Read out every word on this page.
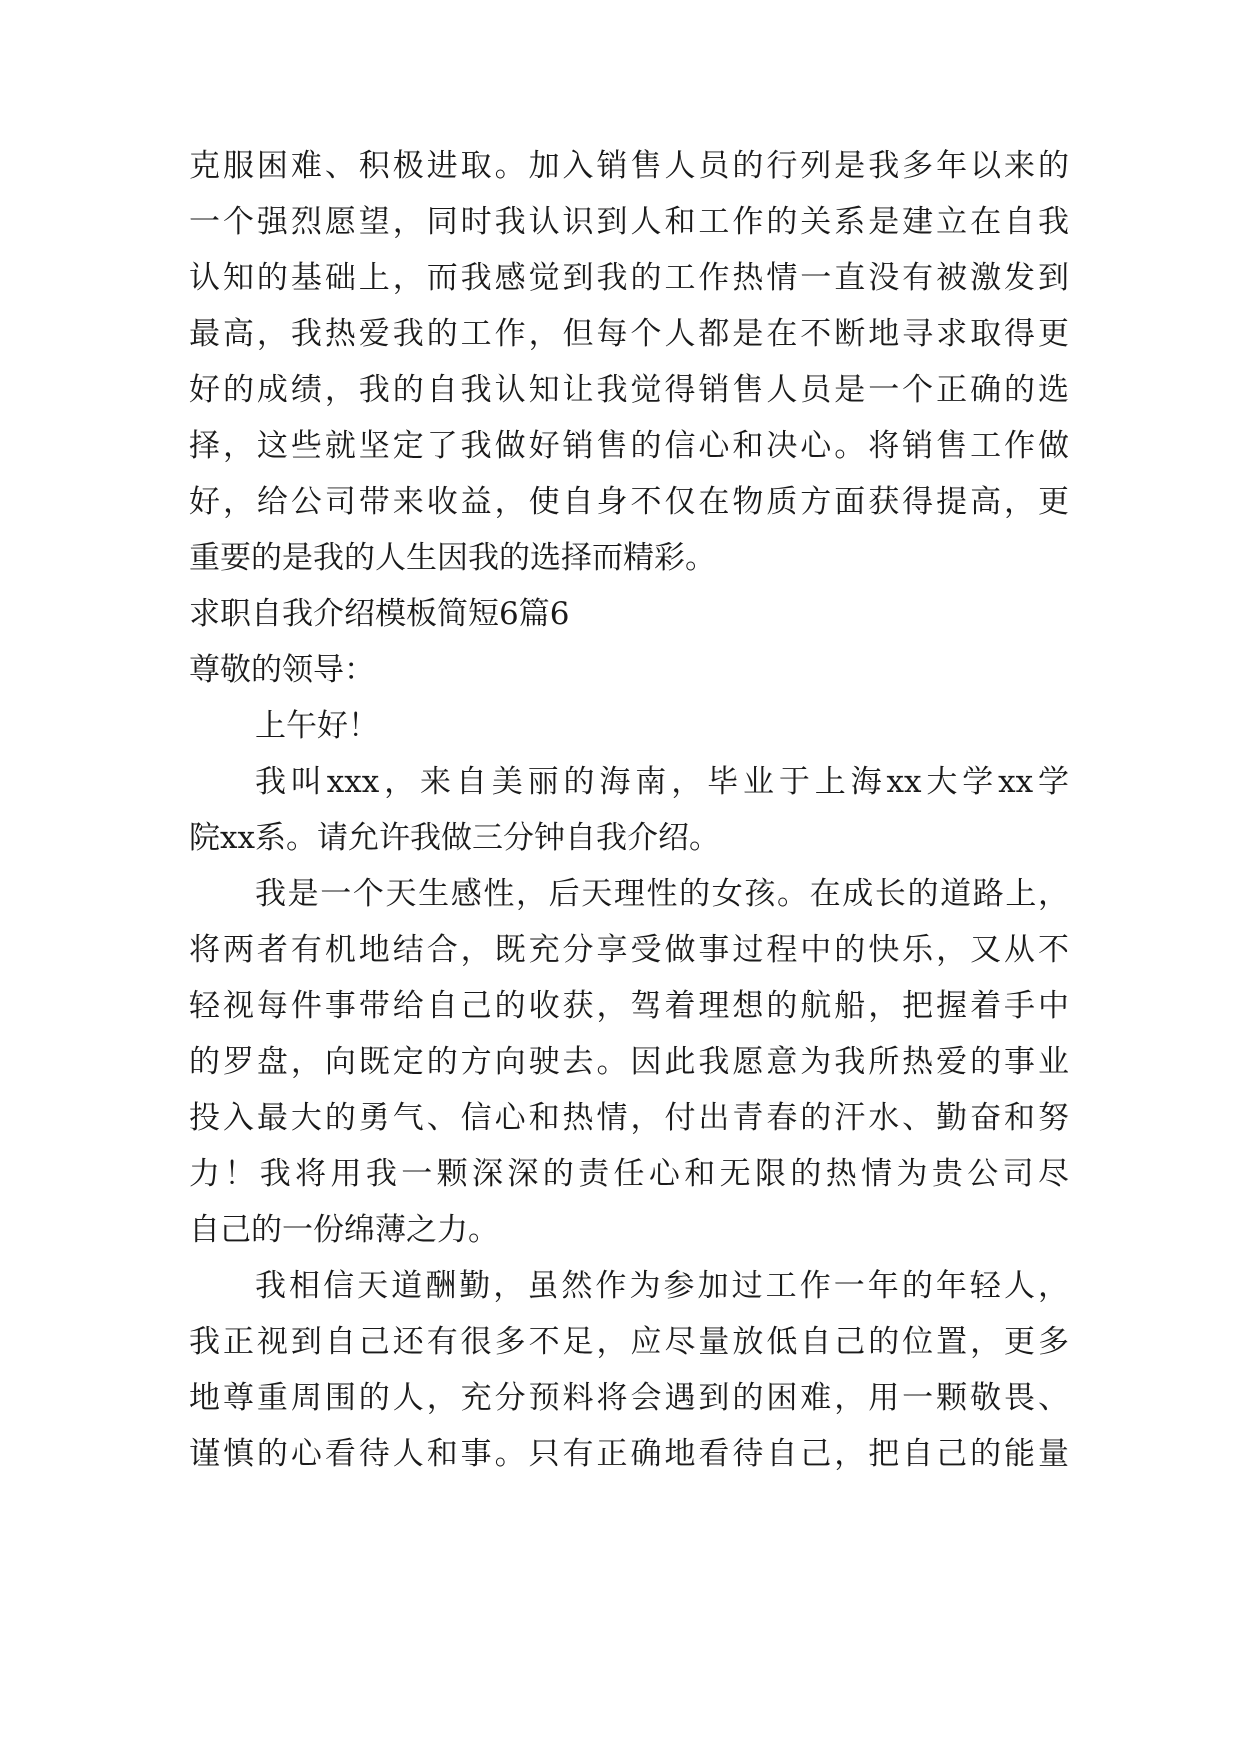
克服困难、积极进取。加入销售人员的行列是我多年以来的
一个强烈愿望，同时我认识到人和工作的关系是建立在自我
认知的基础上，而我感觉到我的工作热情一直没有被激发到
最高，我热爱我的工作，但每个人都是在不断地寻求取得更
好的成绩，我的自我认知让我觉得销售人员是一个正确的选
择，这些就坚定了我做好销售的信心和决心。将销售工作做
好，给公司带来收益，使自身不仅在物质方面获得提高，更
重要的是我的人生因我的选择而精彩。
求职自我介绍模板简短6篇6
尊敬的领导：
上午好！
我叫xxx，来自美丽的海南，毕业于上海xx大学xx学
院xx系。请允许我做三分钟自我介绍。
我是一个天生感性，后天理性的女孩。在成长的道路上，
将两者有机地结合，既充分享受做事过程中的快乐，又从不
轻视每件事带给自己的收获，驾着理想的航船，把握着手中
的罗盘，向既定的方向驶去。因此我愿意为我所热爱的事业
投入最大的勇气、信心和热情，付出青春的汗水、勤奋和努
力！我将用我一颗深深的责任心和无限的热情为贵公司尽
自己的一份绵薄之力。
我相信天道酬勤，虽然作为参加过工作一年的年轻人，
我正视到自己还有很多不足，应尽量放低自己的位置，更多
地尊重周围的人，充分预料将会遇到的困难，用一颗敬畏、
谨慎的心看待人和事。只有正确地看待自己，把自己的能量
